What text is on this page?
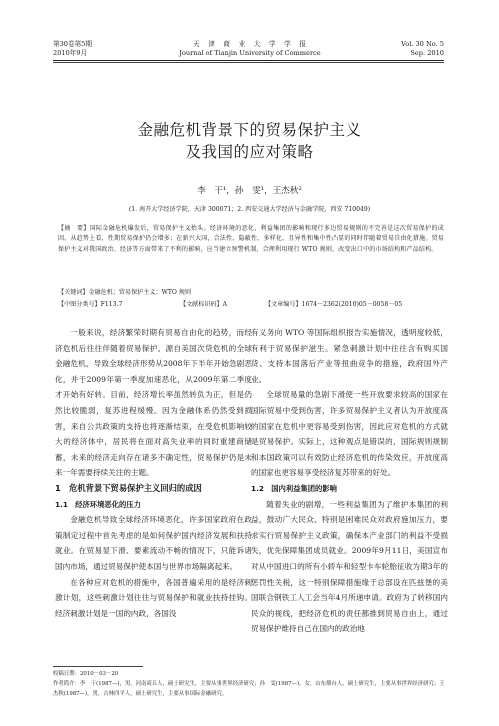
第30卷第5期
2010年9月
天　津　商　业　大　学　学　报
Journal of Tianjin University of Commerce
Vol. 30 No. 5
Sep. 2010
金融危机背景下的贸易保护主义
及我国的应对策略
李　干¹，孙　雯¹，王杰秋²
(1. 南开大学经济学院，天津 300071；2. 西安交通大学经济与金融学院，西安 710049)

【摘　要】国际金融危机爆发后，贸易保护主义抬头。经济环境的恶化，利益集团的影响和现行多边贸易规则的不完善是这次贸易保护的成因。从趋势上看，性期贸易保护仍会增多；在新兴大国，合法性、隐蔽性、多样化、且异性和集中性凸显的同时伴随着贸易自由化措施。贸易保护主义对我国政治、经济等方面带来了不利的影响，应当建立预警机制，合理利用现行 WTO 规则，改变出口中的市场结构和产品结构。

【关键词】金融危机；贸易保护主义；WTO 规则
【中图分类号】F113.7	【文献标识码】A	【文章编号】1674－2362(2010)05－0058－05

一般来说，经济繁荣时期有贸易自由化的趋势，而经济危机后往往伴随着贸易保护。源自美国次贷危机的全球金融危机，导致全球经济形势从2008年下半年开始急剧恶化，并于2009年第一季度加速恶化，从2009年第二季度才开始有好转。目前，经济增长率虽然转负为正，但是仍然比较脆弱，复苏进程缓慢。因为金融体系仍然受到损害，来自公共政策的支持也将逐渐结束，在受危机影响较大的经济体中，居民将在面对高失业率的同时重建商储蓄，未来的经济走向存在诸多不确定性，贸易保护仍是未来一年需要持续关注的主题。

1　危机背景下贸易保护主义回归的成因
1.1　经济环境恶化的压力

金融危机导致全球经济环境恶化，许多国家政府在政策制定过程中首先考虑的是如何保护国内经济发展和扶持就业。在贸易显下滑、要素流动不畅的情况下，只能诉诸国内市场，通过贸易保护使本国与世界市场隔离起来。

在各种应对危机的措施中，各国普遍采用的是经济刺激计划，这些刺激计划往往与贸易保护和就业扶持挂钩。经济刺激计划是一国的内政，各国没

有义务向 WTO 等国际组织报告实施情况，透明度较低，有利于贸易保护滋生。紧急刺激计划中往往含有购买国货、支持本国落后产业等扭曲竞争的措施，政府国外产业。

全球贸易量的急剧下滑使一些开放要求较高的国家在国际贸易中受到伤害，许多贸易保护主义者认为开放度高的国家在危机中更容易受到伤害，因此应对危机的方式就是贸易保护。实际上，这种观点是错误的，国际规则规制和本国政策可以有效防止经济危机的传染效应，开放度高的国家也更容易享受经济复苏带来的好处。

1.2　国内利益集团的影响

随着失业的剧增，一些利益集团为了维护本集团的利益，鼓动广大民众、特别是困难民众对政府施加压力，要求实行贸易保护主义政策，确保本产业部门的利益不受损失，优先保障集团成员就业。2009年9月11日，美国宣布对从中国进口的所有小轿车和轻型卡车轮胎征收为期3年的惩罚性关税，这一特别保障措施缘于总部设在匹兹堡的美国联合钢铁工人工会当年4月所递申请。政府为了转移国内民众的视线，把经济危机的责任都推到贸易自由上，通过贸易保护维持自己在国内的政治地

收稿日期：2010－03－20

作者简介：李　干(1987—)，男，河南商丘人，硕士研究生，主要从事世界经济研究；孙　雯(1987—)，女，山东烟台人，硕士研究生，主要从事世界经济研究；王杰秋(1987—)，男，吉林四平人，硕士研究生，主要从事国际金融研究。
